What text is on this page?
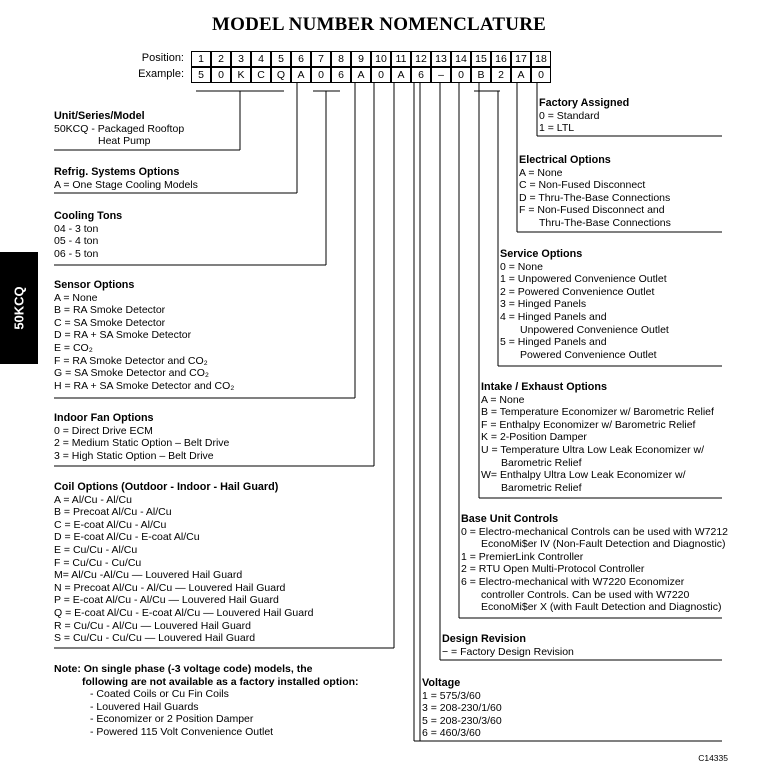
MODEL NUMBER NOMENCLATURE
50KCQ
Position:
Example:
1	2	3	4	5	6	7	8	9	10 11 12 13 14 15 16 17 18
5	0	K	C	Q	A	0	6	A	0	A	6	–	0	B	2	A	0
Unit/Series/Model
50KCQ - Packaged Rooftop
Heat Pump
Refrig. Systems Options
A = One Stage Cooling Models
Cooling Tons
04 - 3 ton
05 - 4 ton
06 - 5 ton
Sensor Options
A = None
B = RA Smoke Detector
C = SA Smoke Detector
D = RA + SA Smoke Detector
E = CO₂
F = RA Smoke Detector and CO₂
G = SA Smoke Detector and CO₂
H = RA + SA Smoke Detector and CO₂
Indoor Fan Options
0 = Direct Drive ECM
2 = Medium Static Option – Belt Drive
3 = High Static Option – Belt Drive
Coil Options (Outdoor - Indoor - Hail Guard)
A = Al/Cu - Al/Cu
B = Precoat Al/Cu - Al/Cu
C = E-coat Al/Cu - Al/Cu
D = E-coat Al/Cu - E-coat Al/Cu
E = Cu/Cu - Al/Cu
F = Cu/Cu - Cu/Cu
M= Al/Cu -Al/Cu — Louvered Hail Guard
N = Precoat Al/Cu - Al/Cu — Louvered Hail Guard
P = E-coat Al/Cu - Al/Cu — Louvered Hail Guard
Q = E-coat Al/Cu - E-coat Al/Cu — Louvered Hail Guard
R = Cu/Cu - Al/Cu — Louvered Hail Guard
S = Cu/Cu - Cu/Cu — Louvered Hail Guard
Factory Assigned
0 = Standard
1 = LTL
Electrical Options
A = None
C = Non-Fused Disconnect
D = Thru-The-Base Connections
F = Non-Fused Disconnect and
Thru-The-Base Connections
Service Options
0 = None
1 = Unpowered Convenience Outlet
2 = Powered Convenience Outlet
3 = Hinged Panels
4 = Hinged Panels and
Unpowered Convenience Outlet
5 = Hinged Panels and
Powered Convenience Outlet
Intake / Exhaust Options
A = None
B = Temperature Economizer w/ Barometric Relief
F = Enthalpy Economizer w/ Barometric Relief
K = 2-Position Damper
U = Temperature Ultra Low Leak Economizer w/
Barometric Relief
W= Enthalpy Ultra Low Leak Economizer w/
Barometric Relief
Base Unit Controls
0 = Electro-mechanical Controls can be used with W7212
EconoMi$er IV (Non-Fault Detection and Diagnostic)
1 = PremierLink Controller
2 = RTU Open Multi-Protocol Controller
6 = Electro-mechanical with W7220 Economizer
controller Controls. Can be used with W7220
EconoMi$er X (with Fault Detection and Diagnostic)
Design Revision
− = Factory Design Revision
Voltage
1 = 575/3/60
3 = 208-230/1/60
5 = 208-230/3/60
6 = 460/3/60
Note: On single phase (-3 voltage code) models, the
following are not available as a factory installed option:
- Coated Coils or Cu Fin Coils
- Louvered Hail Guards
- Economizer or 2 Position Damper
- Powered 115 Volt Convenience Outlet
C14335
